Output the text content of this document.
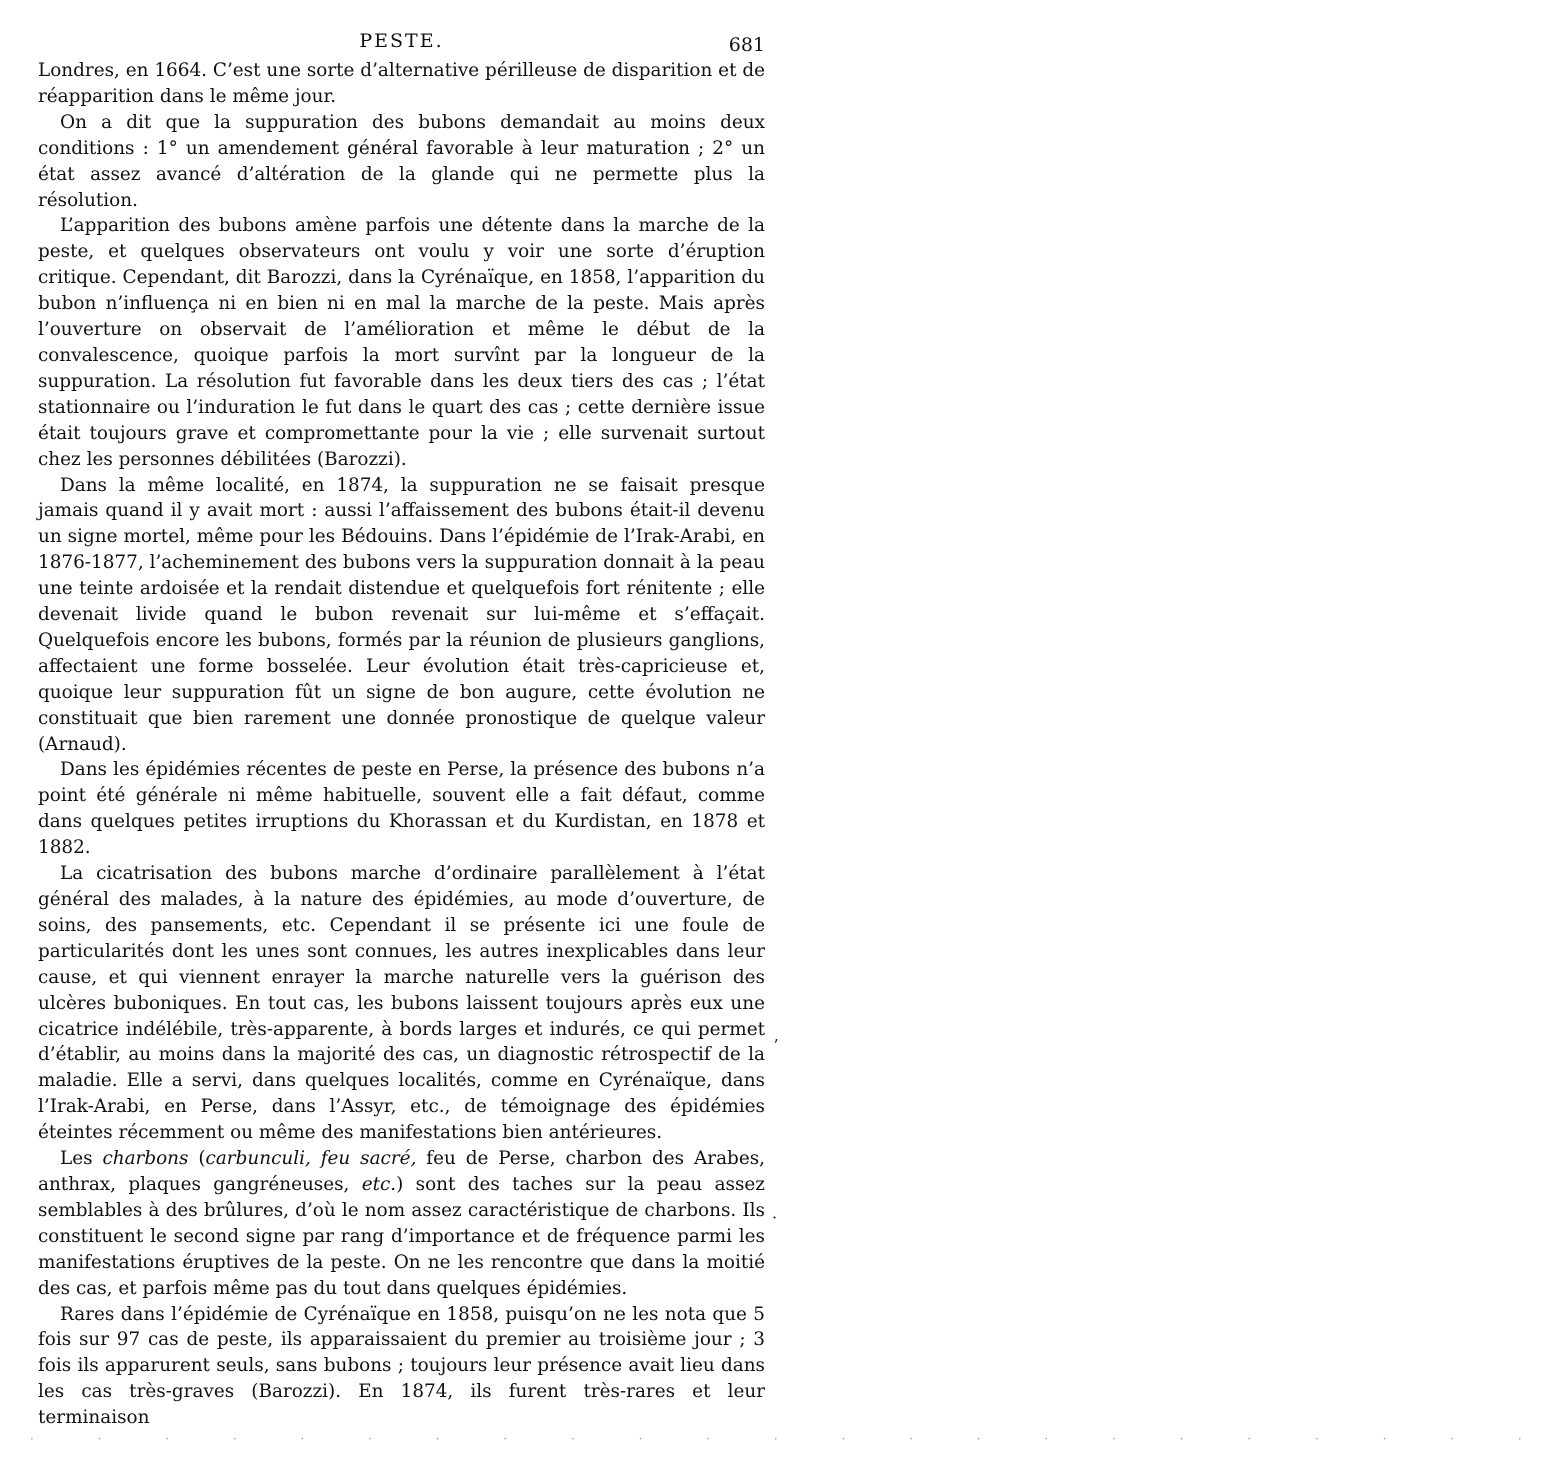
PESTE.	681

Londres, en 1664. C’est une sorte d’alternative périlleuse de disparition et de réapparition dans le même jour.

On a dit que la suppuration des bubons demandait au moins deux conditions : 1° un amendement général favorable à leur maturation ; 2° un état assez avancé d’altération de la glande qui ne permette plus la résolution.

L’apparition des bubons amène parfois une détente dans la marche de la peste, et quelques observateurs ont voulu y voir une sorte d’éruption critique. Cependant, dit Barozzi, dans la Cyrénaïque, en 1858, l’apparition du bubon n’influença ni en bien ni en mal la marche de la peste. Mais après l’ouverture on observait de l’amélioration et même le début de la convalescence, quoique parfois la mort survînt par la longueur de la suppuration. La résolution fut favorable dans les deux tiers des cas ; l’état stationnaire ou l’induration le fut dans le quart des cas ; cette dernière issue était toujours grave et compromettante pour la vie ; elle survenait surtout chez les personnes débilitées (Barozzi).

Dans la même localité, en 1874, la suppuration ne se faisait presque jamais quand il y avait mort : aussi l’affaissement des bubons était-il devenu un signe mortel, même pour les Bédouins. Dans l’épidémie de l’Irak-Arabi, en 1876-1877, l’acheminement des bubons vers la suppuration donnait à la peau une teinte ardoisée et la rendait distendue et quelquefois fort rénitente ; elle devenait livide quand le bubon revenait sur lui-même et s’effaçait. Quelquefois encore les bubons, formés par la réunion de plusieurs ganglions, affectaient une forme bosselée. Leur évolution était très-capricieuse et, quoique leur suppuration fût un signe de bon augure, cette évolution ne constituait que bien rarement une donnée pronostique de quelque valeur (Arnaud).

Dans les épidémies récentes de peste en Perse, la présence des bubons n’a point été générale ni même habituelle, souvent elle a fait défaut, comme dans quelques petites irruptions du Khorassan et du Kurdistan, en 1878 et 1882.

La cicatrisation des bubons marche d’ordinaire parallèlement à l’état général des malades, à la nature des épidémies, au mode d’ouverture, de soins, des pansements, etc. Cependant il se présente ici une foule de particularités dont les unes sont connues, les autres inexplicables dans leur cause, et qui viennent enrayer la marche naturelle vers la guérison des ulcères buboniques. En tout cas, les bubons laissent toujours après eux une cicatrice indélébile, très-apparente, à bords larges et indurés, ce qui permet d’établir, au moins dans la majorité des cas, un diagnostic rétrospectif de la maladie. Elle a servi, dans quelques localités, comme en Cyrénaïque, dans l’Irak-Arabi, en Perse, dans l’Assyr, etc., de témoignage des épidémies éteintes récemment ou même des manifestations bien antérieures.

Les charbons (carbunculi, feu sacré, feu de Perse, charbon des Arabes, anthrax, plaques gangréneuses, etc.) sont des taches sur la peau assez semblables à des brûlures, d’où le nom assez caractéristique de charbons. Ils constituent le second signe par rang d’importance et de fréquence parmi les manifestations éruptives de la peste. On ne les rencontre que dans la moitié des cas, et parfois même pas du tout dans quelques épidémies.

Rares dans l’épidémie de Cyrénaïque en 1858, puisqu’on ne les nota que 5 fois sur 97 cas de peste, ils apparaissaient du premier au troisième jour ; 3 fois ils apparurent seuls, sans bubons ; toujours leur présence avait lieu dans les cas très-graves (Barozzi). En 1874, ils furent très-rares et leur terminaison

ʼ
·
· · · · · · · · · · · · · · · · · · · · · · ·
